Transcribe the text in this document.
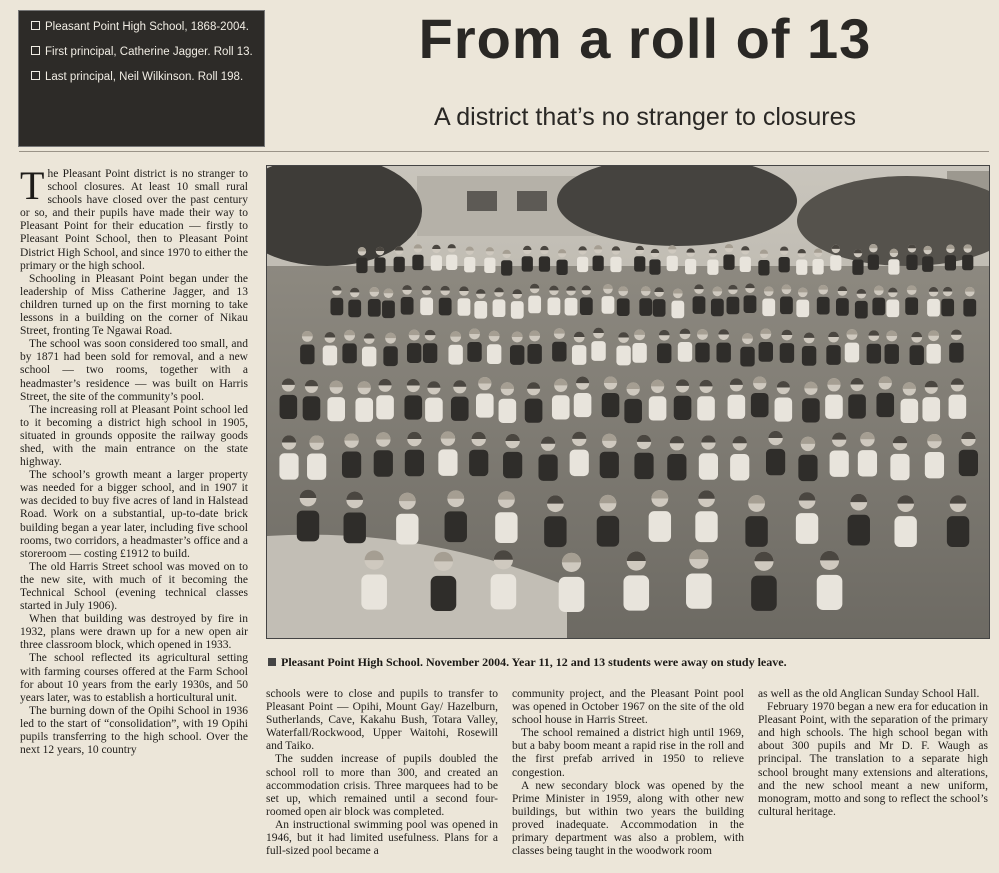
Pleasant Point High School, 1868-2004.

First principal, Catherine Jagger. Roll 13.

Last principal, Neil Wilkinson. Roll 198.

From a roll of 13
A district that’s no stranger to closures

The Pleasant Point district is no stranger to school closures. At least 10 small rural schools have closed over the past century or so, and their pupils have made their way to Pleasant Point for their education — firstly to Pleasant Point School, then to Pleasant Point District High School, and since 1970 to either the primary or the high school.

Schooling in Pleasant Point began under the leadership of Miss Catherine Jagger, and 13 children turned up on the first morning to take lessons in a building on the corner of Nikau Street, fronting Te Ngawai Road.

The school was soon considered too small, and by 1871 had been sold for removal, and a new school — two rooms, together with a headmaster’s residence — was built on Harris Street, the site of the community’s pool.

The increasing roll at Pleasant Point school led to it becoming a district high school in 1905, situated in grounds opposite the railway goods shed, with the main entrance on the state highway.

The school’s growth meant a larger property was needed for a bigger school, and in 1907 it was decided to buy five acres of land in Halstead Road. Work on a substantial, up-to-date brick building began a year later, including five school rooms, two corridors, a headmaster’s office and a storeroom — costing £1912 to build.

The old Harris Street school was moved on to the new site, with much of it becoming the Technical School (evening technical classes started in July 1906).

When that building was destroyed by fire in 1932, plans were drawn up for a new open air three classroom block, which opened in 1933.

The school reflected its agricultural setting with farming courses offered at the Farm School for about 10 years from the early 1930s, and 50 years later, was to establish a horticultural unit.

The burning down of the Opihi School in 1936 led to the start of “consolidation”, with 19 Opihi pupils transferring to the high school. Over the next 12 years, 10 country

Pleasant Point High School. November 2004. Year 11, 12 and 13 students were away on study leave.

schools were to close and pupils to transfer to Pleasant Point — Opihi, Mount Gay/ Hazelburn, Sutherlands, Cave, Kakahu Bush, Totara Valley, Waterfall/Rockwood, Upper Waitohi, Rosewill and Taiko.

The sudden increase of pupils doubled the school roll to more than 300, and created an accommodation crisis. Three marquees had to be set up, which remained until a second four-roomed open air block was completed.

An instructional swimming pool was opened in 1946, but it had limited usefulness. Plans for a full-sized pool became a

community project, and the Pleasant Point pool was opened in October 1967 on the site of the old school house in Harris Street.

The school remained a district high until 1969, but a baby boom meant a rapid rise in the roll and the first prefab arrived in 1950 to relieve congestion.

A new secondary block was opened by the Prime Minister in 1959, along with other new buildings, but within two years the building proved inadequate. Accommodation in the primary department was also a problem, with classes being taught in the woodwork room

as well as the old Anglican Sunday School Hall.

February 1970 began a new era for education in Pleasant Point, with the separation of the primary and high schools. The high school began with about 300 pupils and Mr D. F. Waugh as principal. The translation to a separate high school brought many extensions and alterations, and the new school meant a new uniform, monogram, motto and song to reflect the school’s cultural heritage.
